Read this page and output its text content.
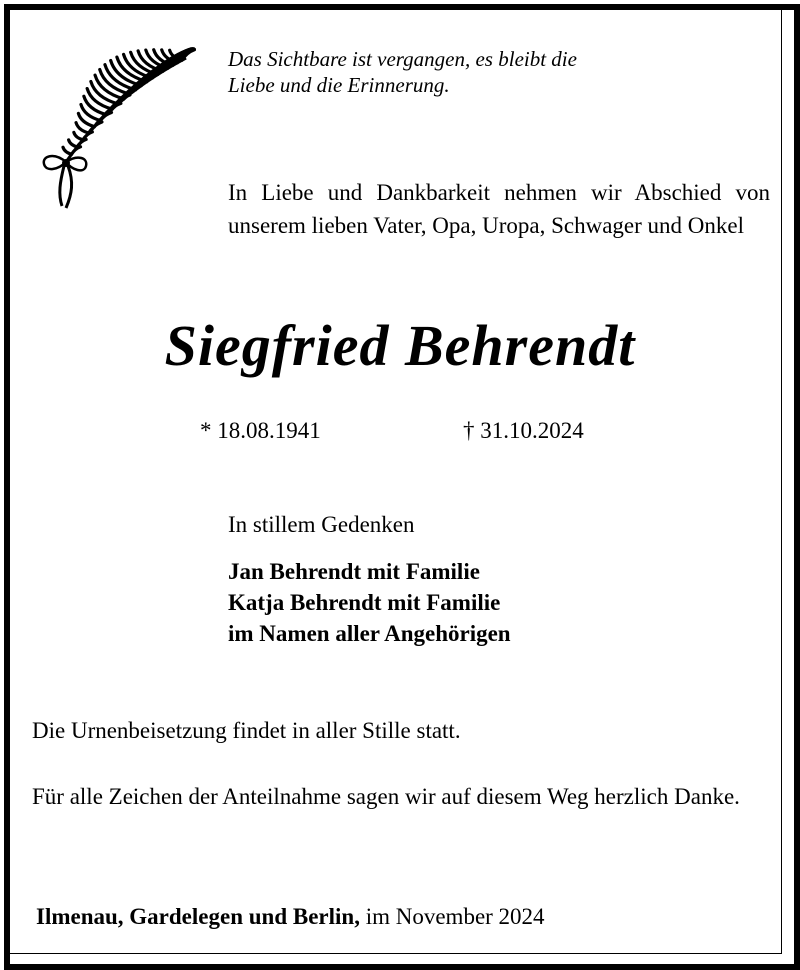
Das Sichtbare ist vergangen, es bleibt die
Liebe und die Erinnerung.
In Liebe und Dankbarkeit nehmen wir Abschied von unserem lieben Vater, Opa, Uropa, Schwager und Onkel
Siegfried Behrendt
* 18.08.1941	† 31.10.2024
In stillem Gedenken
Jan Behrendt mit Familie
Katja Behrendt mit Familie
im Namen aller Angehörigen
Die Urnenbeisetzung findet in aller Stille statt.
Für alle Zeichen der Anteilnahme sagen wir auf diesem Weg herzlich Danke.
Ilmenau, Gardelegen und Berlin, im November 2024
